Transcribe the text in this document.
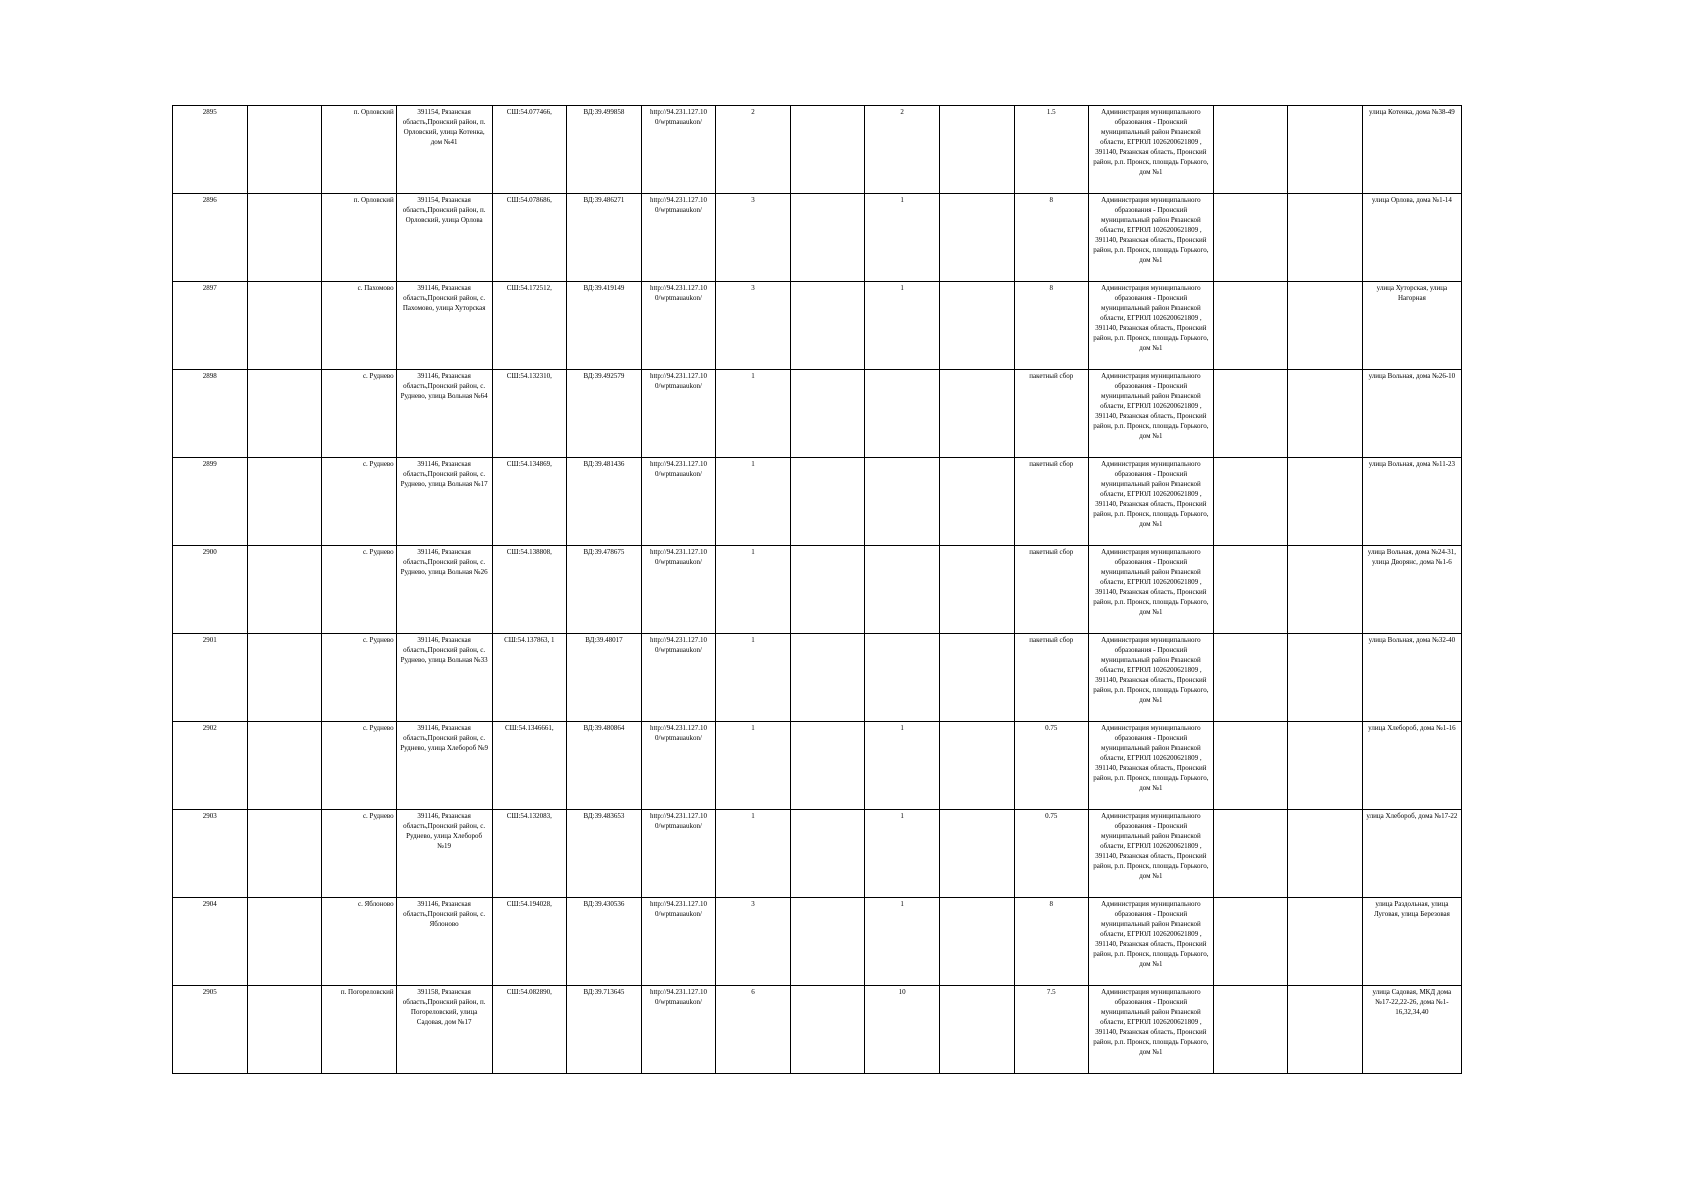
2895		п. Орловский	391154, Рязанская область,Пронский район, п. Орловский, улица Котенка, дом №41	СШ:54.077466,	ВД:39.499858	http://94.231.127.10 0/wptmauaukon/	2		2		1.5	Администрация муниципального образования - Пронский муниципальный район Рязанской области, ЕГРЮЛ 1026200621809 , 391140, Рязанская область, Пронский район, р.п. Пронск, площадь Горького, дом №1			улица Котенка, дома №38-49
2896		п. Орловский	391154, Рязанская область,Пронский район, п. Орловский, улица Орлова	СШ:54.078686,	ВД:39.486271	http://94.231.127.10 0/wptmauaukon/	3		1		8	Администрация муниципального образования - Пронский муниципальный район Рязанской области, ЕГРЮЛ 1026200621809 , 391140, Рязанская область, Пронский район, р.п. Пронск, площадь Горького, дом №1			улица Орлова, дома №1-14
2897		с. Пахомово	391146, Рязанская область,Пронский район, с. Пахомово, улица Хуторская	СШ:54.172512,	ВД:39.419149	http://94.231.127.10 0/wptmauaukon/	3		1		8	Администрация муниципального образования - Пронский муниципальный район Рязанской области, ЕГРЮЛ 1026200621809 , 391140, Рязанская область, Пронский район, р.п. Пронск, площадь Горького, дом №1			улица Хуторская, улица Нагорная
2898		с. Руднево	391146, Рязанская область,Пронский район, с. Руднево, улица Вольная №64	СШ:54.132310,	ВД:39.492579	http://94.231.127.10 0/wptmauaukon/	1				пакетный сбор	Администрация муниципального образования - Пронский муниципальный район Рязанской области, ЕГРЮЛ 1026200621809 , 391140, Рязанская область, Пронский район, р.п. Пронск, площадь Горького, дом №1			улица Вольная, дома №26-10
2899		с. Руднево	391146, Рязанская область,Пронский район, с. Руднево, улица Вольная №17	СШ:54.134869,	ВД:39.481436	http://94.231.127.10 0/wptmauaukon/	1				пакетный сбор	Администрация муниципального образования - Пронский муниципальный район Рязанской области, ЕГРЮЛ 1026200621809 , 391140, Рязанская область, Пронский район, р.п. Пронск, площадь Горького, дом №1			улица Вольная, дома №11-23
2900		с. Руднево	391146, Рязанская область,Пронский район, с. Руднево, улица Вольная №26	СШ:54.138808,	ВД:39.478675	http://94.231.127.10 0/wptmauaukon/	1				пакетный сбор	Администрация муниципального образования - Пронский муниципальный район Рязанской области, ЕГРЮЛ 1026200621809 , 391140, Рязанская область, Пронский район, р.п. Пронск, площадь Горького, дом №1			улица Вольная, дома №24-31, улица Дворянс, дома №1-6
2901		с. Руднево	391146, Рязанская область,Пронский район, с. Руднево, улица Вольная №33	СШ:54.137863, 1	ВД:39.48017	http://94.231.127.10 0/wptmauaukon/	1				пакетный сбор	Администрация муниципального образования - Пронский муниципальный район Рязанской области, ЕГРЮЛ 1026200621809 , 391140, Рязанская область, Пронский район, р.п. Пронск, площадь Горького, дом №1			улица Вольная, дома №32-40
2902		с. Руднево	391146, Рязанская область,Пронский район, с. Руднево, улица Хлебороб №9	СШ:54.1346661,	ВД:39.480864	http://94.231.127.10 0/wptmauaukon/	1		1		0.75	Администрация муниципального образования - Пронский муниципальный район Рязанской области, ЕГРЮЛ 1026200621809 , 391140, Рязанская область, Пронский район, р.п. Пронск, площадь Горького, дом №1			улица Хлебороб, дома №1-16
2903		с. Руднево	391146, Рязанская область,Пронский район, с. Руднево, улица Хлебороб №19	СШ:54.132083,	ВД:39.483653	http://94.231.127.10 0/wptmauaukon/	1		1		0.75	Администрация муниципального образования - Пронский муниципальный район Рязанской области, ЕГРЮЛ 1026200621809 , 391140, Рязанская область, Пронский район, р.п. Пронск, площадь Горького, дом №1			улица Хлебороб, дома №17-22
2904		с. Яблоново	391146, Рязанская область,Пронский район, с. Яблоново	СШ:54.194028,	ВД:39.430536	http://94.231.127.10 0/wptmauaukon/	3		1		8	Администрация муниципального образования - Пронский муниципальный район Рязанской области, ЕГРЮЛ 1026200621809 , 391140, Рязанская область, Пронский район, р.п. Пронск, площадь Горького, дом №1			улица Раздольная, улица Луговая, улица Березовая
2905		п. Погореловский	391158, Рязанская область,Пронский район, п. Погореловский, улица Садовая, дом №17	СШ:54.082890,	ВД:39.713645	http://94.231.127.10 0/wptmauaukon/	6		10		7.5	Администрация муниципального образования - Пронский муниципальный район Рязанской области, ЕГРЮЛ 1026200621809 , 391140, Рязанская область, Пронский район, р.п. Пронск, площадь Горького, дом №1			улица Садовая, МКД дома №17-22,22-26, дома №1-16,32,34,40
